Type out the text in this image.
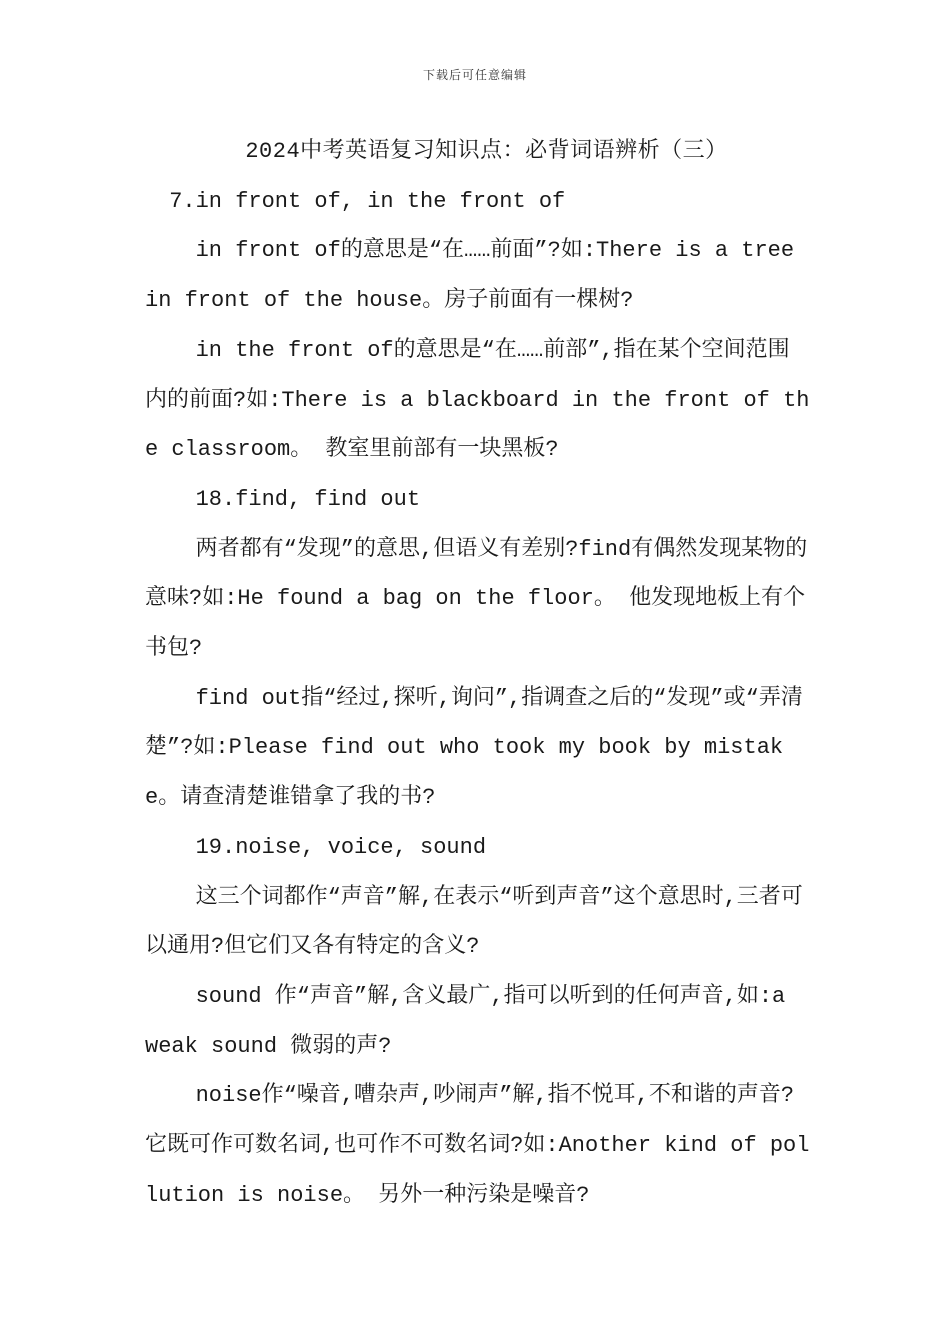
下载后可任意编辑

2024中考英语复习知识点：必背词语辨析（三）

7.in front of, in the front of

in front of的意思是“在……前面”?如:There is a tree in front of the house。房子前面有一棵树?

in the front of的意思是“在……前部”,指在某个空间范围内的前面?如:There is a blackboard in the front of the classroom。 教室里前部有一块黑板?

18.find, find out

两者都有“发现”的意思,但语义有差别?find有偶然发现某物的意味?如:He found a bag on the floor。 他发现地板上有个书包?

find out指“经过,探听,询问”,指调查之后的“发现”或“弄清楚”?如:Please find out who took my book by mistake。请查清楚谁错拿了我的书?

19.noise, voice, sound

这三个词都作“声音”解,在表示“听到声音”这个意思时,三者可以通用?但它们又各有特定的含义?

sound 作“声音”解,含义最广,指可以听到的任何声音,如:a weak sound 微弱的声?

noise作“噪音,嘈杂声,吵闹声”解,指不悦耳,不和谐的声音?它既可作可数名词,也可作不可数名词?如:Another kind of pollution is noise。 另外一种污染是噪音?
